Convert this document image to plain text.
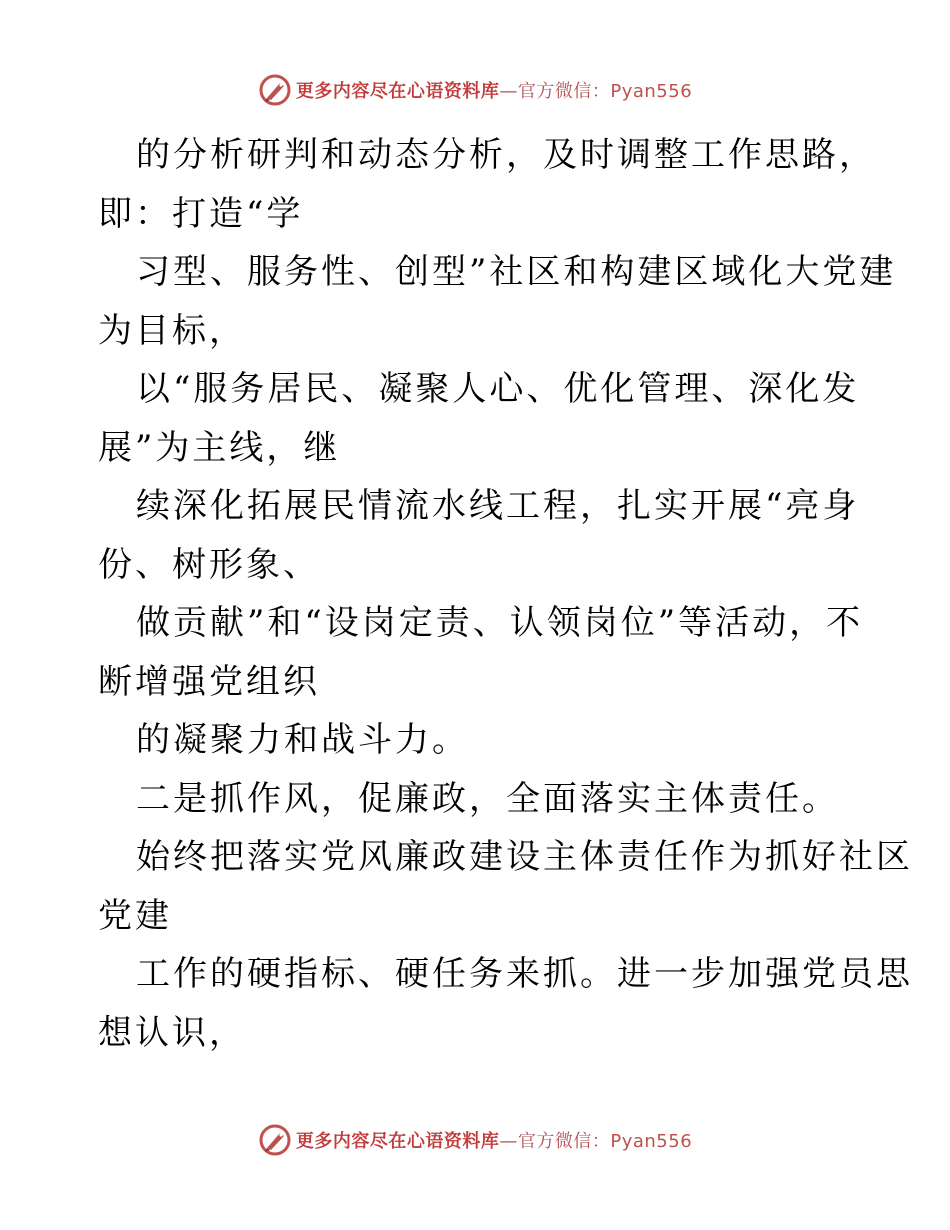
更多内容尽在心语资料库—官方微信：Pyan556
的分析研判和动态分析，及时调整工作思路，
即：打造“学
习型、服务性、创型”社区和构建区域化大党建
为目标，
以“服务居民、凝聚人心、优化管理、深化发
展”为主线，继
续深化拓展民情流水线工程，扎实开展“亮身
份、树形象、
做贡献”和“设岗定责、认领岗位”等活动，不
断增强党组织
的凝聚力和战斗力。
二是抓作风，促廉政，全面落实主体责任。
始终把落实党风廉政建设主体责任作为抓好社区
党建
工作的硬指标、硬任务来抓。进一步加强党员思
想认识，
更多内容尽在心语资料库—官方微信：Pyan556
